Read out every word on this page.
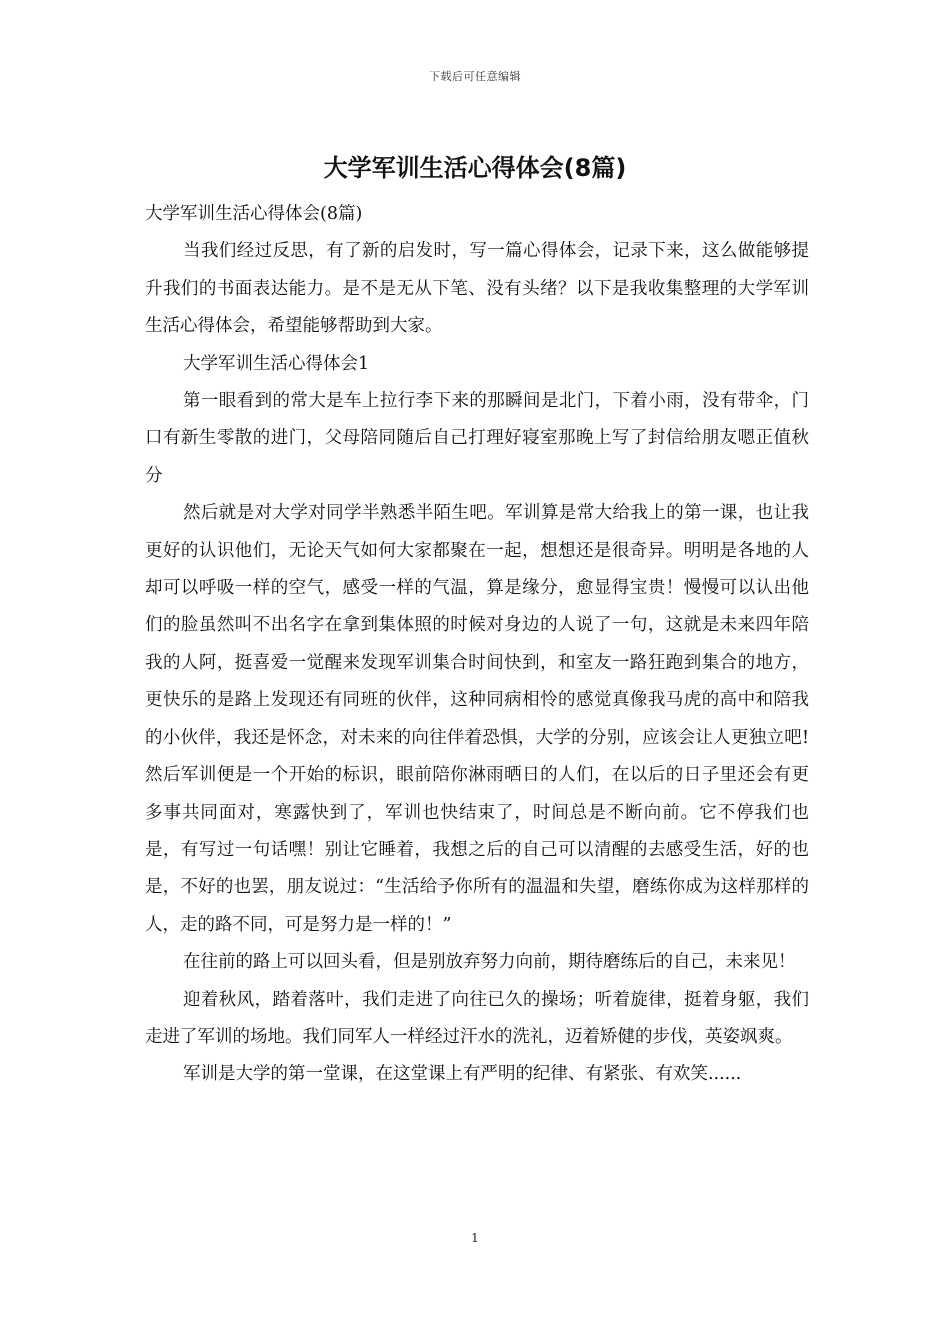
下载后可任意编辑
大学军训生活心得体会(8篇)

大学军训生活心得体会(8篇)

当我们经过反思，有了新的启发时，写一篇心得体会，记录下来，这么做能够提升我们的书面表达能力。是不是无从下笔、没有头绪？以下是我收集整理的大学军训生活心得体会，希望能够帮助到大家。

大学军训生活心得体会1

第一眼看到的常大是车上拉行李下来的那瞬间是北门，下着小雨，没有带伞，门口有新生零散的进门，父母陪同随后自己打理好寝室那晚上写了封信给朋友嗯正值秋分

然后就是对大学对同学半熟悉半陌生吧。军训算是常大给我上的第一课，也让我更好的认识他们，无论天气如何大家都聚在一起，想想还是很奇异。明明是各地的人却可以呼吸一样的空气，感受一样的气温，算是缘分，愈显得宝贵！慢慢可以认出他们的脸虽然叫不出名字在拿到集体照的时候对身边的人说了一句，这就是未来四年陪我的人阿，挺喜爱一觉醒来发现军训集合时间快到，和室友一路狂跑到集合的地方，更快乐的是路上发现还有同班的伙伴，这种同病相怜的感觉真像我马虎的高中和陪我的小伙伴，我还是怀念，对未来的向往伴着恐惧，大学的分别，应该会让人更独立吧!然后军训便是一个开始的标识，眼前陪你淋雨晒日的人们，在以后的日子里还会有更多事共同面对，寒露快到了，军训也快结束了，时间总是不断向前。它不停我们也是，有写过一句话嘿！别让它睡着，我想之后的自己可以清醒的去感受生活，好的也是，不好的也罢，朋友说过：“生活给予你所有的温温和失望，磨练你成为这样那样的人，走的路不同，可是努力是一样的！”

在往前的路上可以回头看，但是别放弃努力向前，期待磨练后的自己，未来见！

迎着秋风，踏着落叶，我们走进了向往已久的操场；听着旋律，挺着身躯，我们走进了军训的场地。我们同军人一样经过汗水的洗礼，迈着矫健的步伐，英姿飒爽。

军训是大学的第一堂课，在这堂课上有严明的纪律、有紧张、有欢笑......

1
